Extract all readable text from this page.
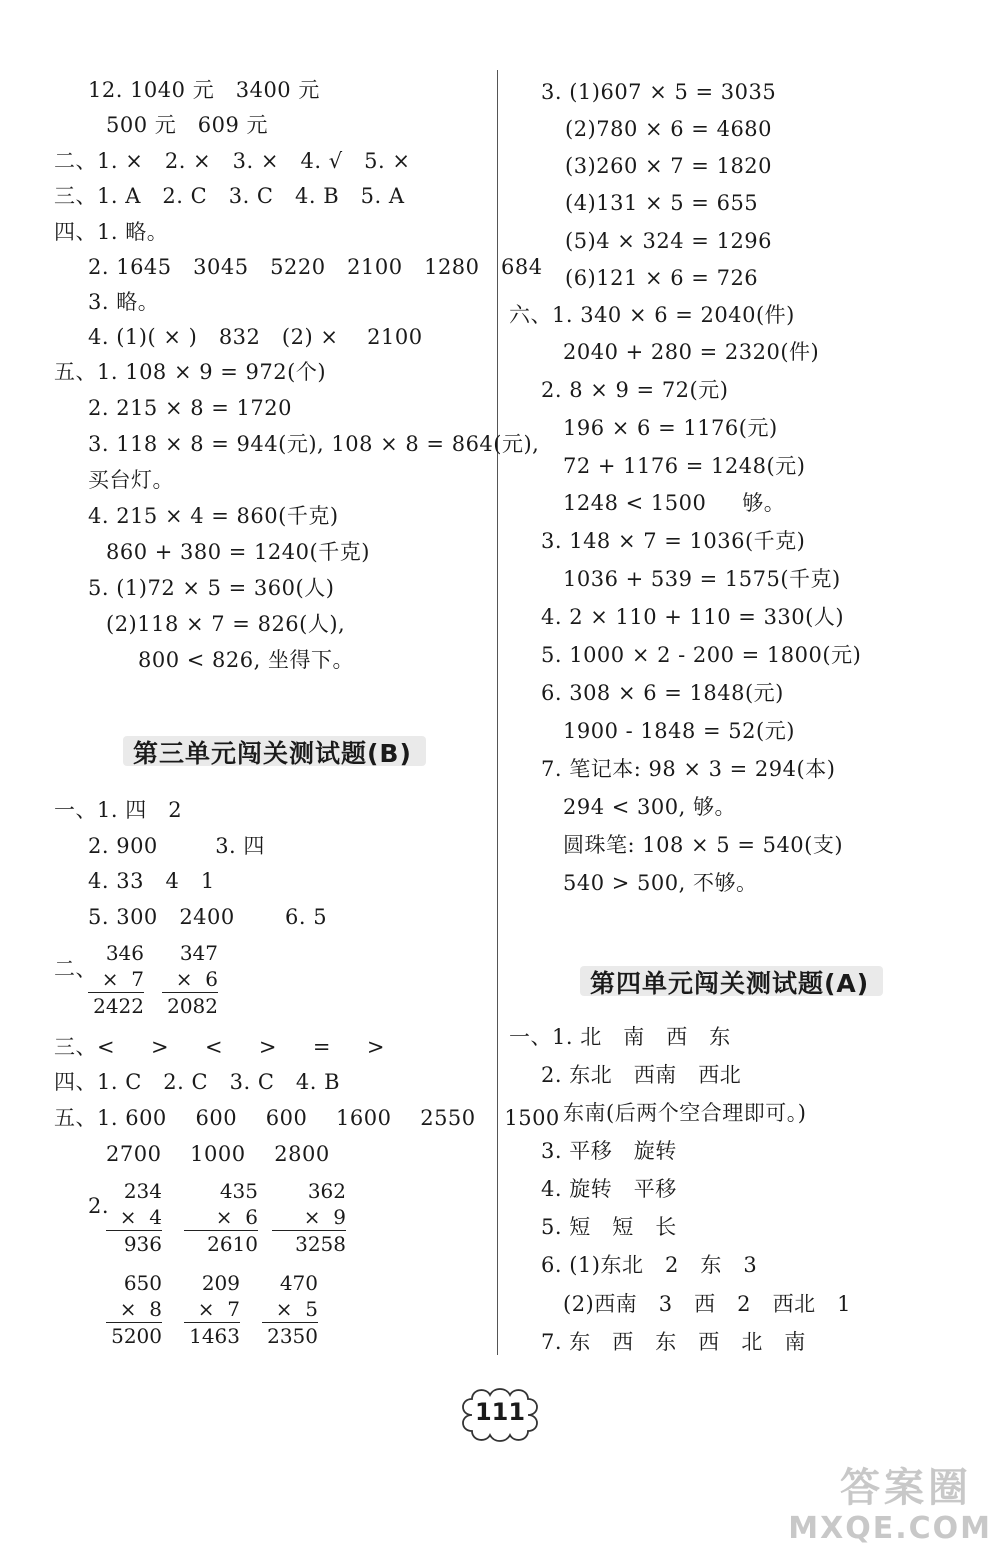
12. 1040 元   3400 元
500 元   609 元
二、1. ×   2. ×   3. ×   4. √   5. ×
三、1. A   2. C   3. C   4. B   5. A
四、1. 略。
2. 1645   3045   5220   2100   1280   684
3. 略。
4. (1)( × )   832   (2) ×    2100
五、1. 108 × 9 = 972(个)
2. 215 × 8 = 1720
3. 118 × 8 = 944(元), 108 × 8 = 864(元),
买台灯。
4. 215 × 4 = 860(千克)
860 + 380 = 1240(千克)
5. (1)72 × 5 = 360(人)
(2)118 × 7 = 826(人),
800 < 826, 坐得下。
第三单元闯关测试题(B)
一、1. 四   2
2. 900        3. 四
4. 33   4   1
5. 300   2400       6. 5
二、
346
×  7
2422
347
×  6
2082
三、<     >     <     >     =     >
四、1. C   2. C   3. C   4. B
五、1. 600    600    600    1600    2550    1500
2700    1000    2800
2.
234
×  4
936
435
×  6
2610
362
×  9
3258
650
×  8
5200
209
×  7
1463
470
×  5
2350
3. (1)607 × 5 = 3035
(2)780 × 6 = 4680
(3)260 × 7 = 1820
(4)131 × 5 = 655
(5)4 × 324 = 1296
(6)121 × 6 = 726
六、1. 340 × 6 = 2040(件)
2040 + 280 = 2320(件)
2. 8 × 9 = 72(元)
196 × 6 = 1176(元)
72 + 1176 = 1248(元)
1248 < 1500     够。
3. 148 × 7 = 1036(千克)
1036 + 539 = 1575(千克)
4. 2 × 110 + 110 = 330(人)
5. 1000 × 2 - 200 = 1800(元)
6. 308 × 6 = 1848(元)
1900 - 1848 = 52(元)
7. 笔记本: 98 × 3 = 294(本)
294 < 300, 够。
圆珠笔: 108 × 5 = 540(支)
540 > 500, 不够。
第四单元闯关测试题(A)
一、1. 北   南   西   东
2. 东北   西南   西北
东南(后两个空合理即可。)
3. 平移   旋转
4. 旋转   平移
5. 短   短   长
6. (1)东北   2   东   3
(2)西南   3   西   2   西北   1
7. 东   西   东   西   北   南
111
答案圈
MXQE.COM
